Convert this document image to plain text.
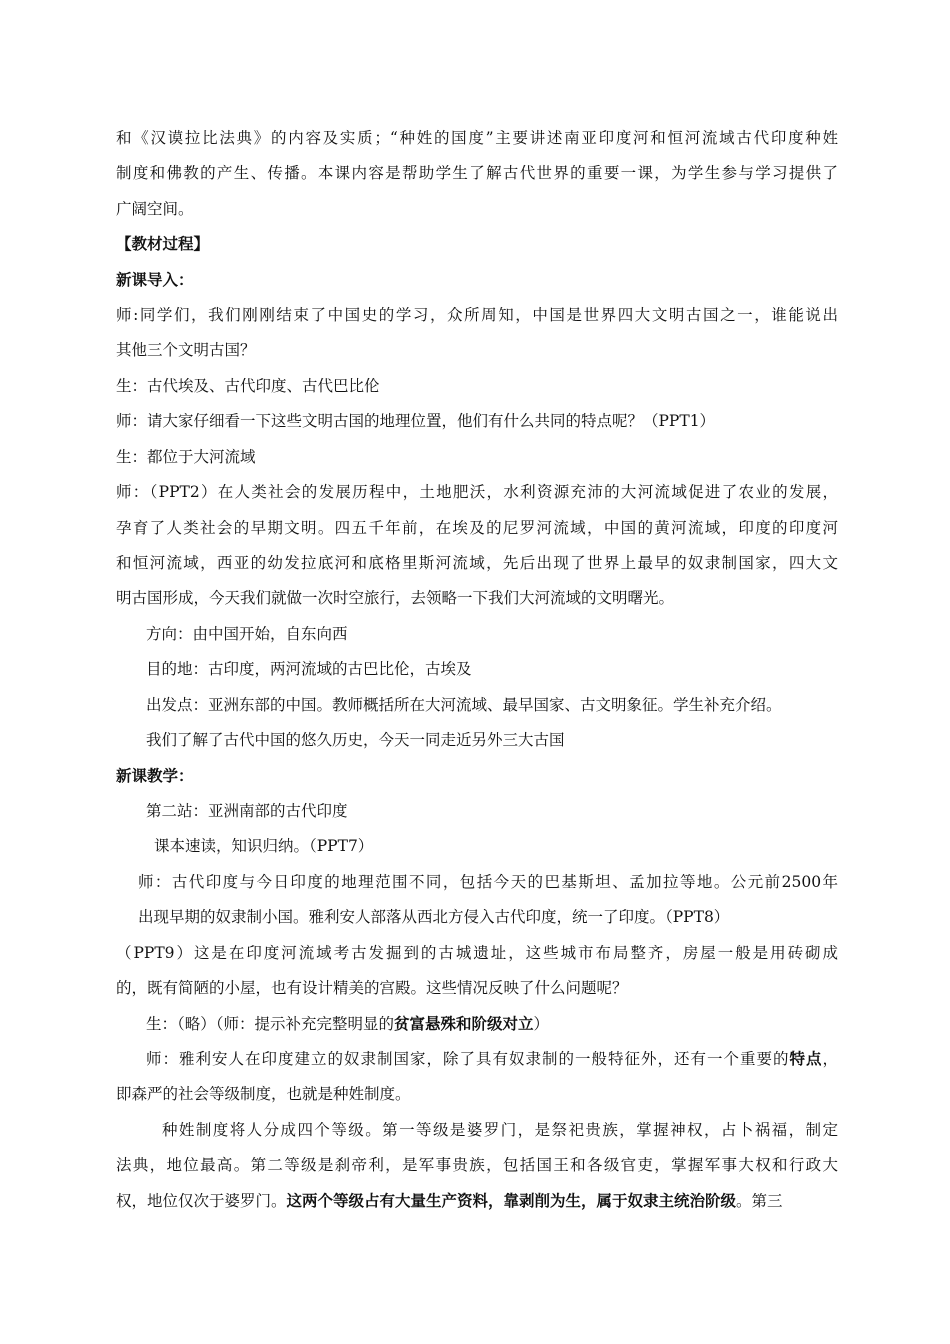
和《汉谟拉比法典》的内容及实质；“种姓的国度”主要讲述南亚印度河和恒河流域古代印度种姓
制度和佛教的产生、传播。本课内容是帮助学生了解古代世界的重要一课，为学生参与学习提供了
广阔空间。
【教材过程】
新课导入：
师:同学们，我们刚刚结束了中国史的学习，众所周知，中国是世界四大文明古国之一，谁能说出
其他三个文明古国？
生：古代埃及、古代印度、古代巴比伦
师：请大家仔细看一下这些文明古国的地理位置，他们有什么共同的特点呢？（PPT1）
生：都位于大河流域
师：（PPT2）在人类社会的发展历程中，土地肥沃，水利资源充沛的大河流域促进了农业的发展，
孕育了人类社会的早期文明。四五千年前，在埃及的尼罗河流域，中国的黄河流域，印度的印度河
和恒河流域，西亚的幼发拉底河和底格里斯河流域，先后出现了世界上最早的奴隶制国家，四大文
明古国形成，今天我们就做一次时空旅行，去领略一下我们大河流域的文明曙光。
方向：由中国开始，自东向西
目的地：古印度，两河流域的古巴比伦，古埃及
出发点：亚洲东部的中国。教师概括所在大河流域、最早国家、古文明象征。学生补充介绍。
我们了解了古代中国的悠久历史，今天一同走近另外三大古国
新课教学：
第二站：亚洲南部的古代印度
课本速读，知识归纳。（PPT7）
师：古代印度与今日印度的地理范围不同，包括今天的巴基斯坦、孟加拉等地。公元前2500年
出现早期的奴隶制小国。雅利安人部落从西北方侵入古代印度，统一了印度。（PPT8）
（PPT9）这是在印度河流域考古发掘到的古城遗址，这些城市布局整齐，房屋一般是用砖砌成
的，既有简陋的小屋，也有设计精美的宫殿。这些情况反映了什么问题呢？
生：（略）（师：提示补充完整明显的贫富悬殊和阶级对立）
师：雅利安人在印度建立的奴隶制国家，除了具有奴隶制的一般特征外，还有一个重要的特点，
即森严的社会等级制度，也就是种姓制度。
种姓制度将人分成四个等级。第一等级是婆罗门，是祭祀贵族，掌握神权，占卜祸福，制定
法典，地位最高。第二等级是刹帝利，是军事贵族，包括国王和各级官吏，掌握军事大权和行政大
权，地位仅次于婆罗门。这两个等级占有大量生产资料，靠剥削为生，属于奴隶主统治阶级。第三
